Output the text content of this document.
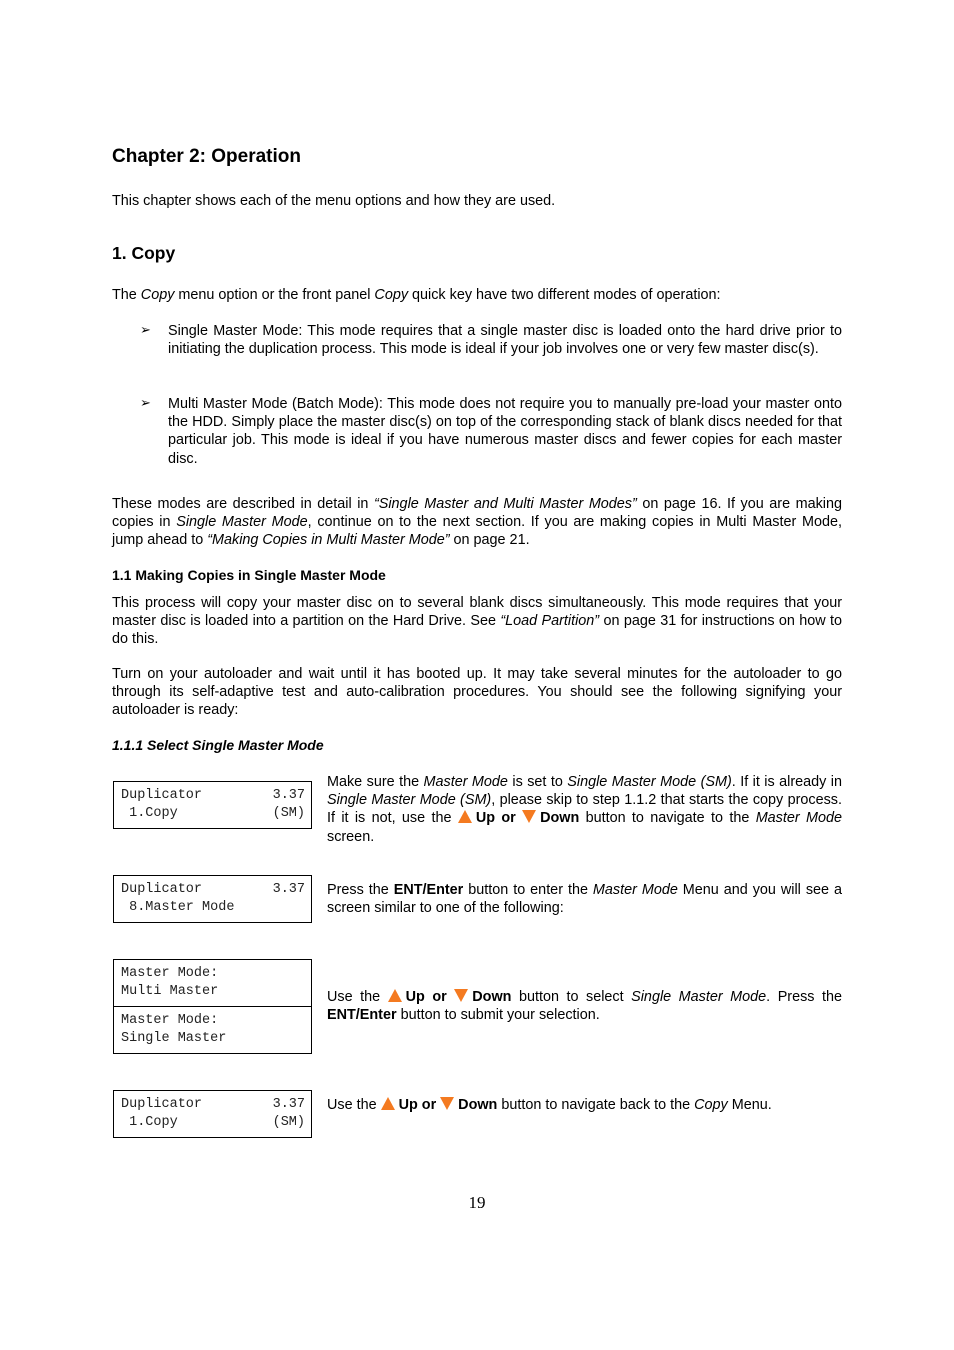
Chapter 2: Operation
This chapter shows each of the menu options and how they are used.
1. Copy
The Copy menu option or the front panel Copy quick key have two different modes of operation:
➢ Single Master Mode: This mode requires that a single master disc is loaded onto the hard drive prior to initiating the duplication process. This mode is ideal if your job involves one or very few master disc(s).
➢ Multi Master Mode (Batch Mode): This mode does not require you to manually pre-load your master onto the HDD. Simply place the master disc(s) on top of the corresponding stack of blank discs needed for that particular job. This mode is ideal if you have numerous master discs and fewer copies for each master disc.
These modes are described in detail in “Single Master and Multi Master Modes” on page 16. If you are making copies in Single Master Mode, continue on to the next section. If you are making copies in Multi Master Mode, jump ahead to “Making Copies in Multi Master Mode” on page 21.
1.1 Making Copies in Single Master Mode
This process will copy your master disc on to several blank discs simultaneously. This mode requires that your master disc is loaded into a partition on the Hard Drive. See “Load Partition” on page 31 for instructions on how to do this.
Turn on your autoloader and wait until it has booted up. It may take several minutes for the autoloader to go through its self-adaptive test and auto-calibration procedures. You should see the following signifying your autoloader is ready:
1.1.1 Select Single Master Mode
Duplicator	3.37
1.Copy	(SM)
Make sure the Master Mode is set to Single Master Mode (SM). If it is already in Single Master Mode (SM), please skip to step 1.1.2 that starts the copy process. If it is not, use the Up or Down button to navigate to the Master Mode screen.
Duplicator	3.37
8.Master Mode
Press the ENT/Enter button to enter the Master Mode Menu and you will see a screen similar to one of the following:
Master Mode:
Multi Master
Master Mode:
Single Master
Use the Up or Down button to select Single Master Mode. Press the ENT/Enter button to submit your selection.
Duplicator	3.37
1.Copy	(SM)
Use the Up or Down button to navigate back to the Copy Menu.
19
